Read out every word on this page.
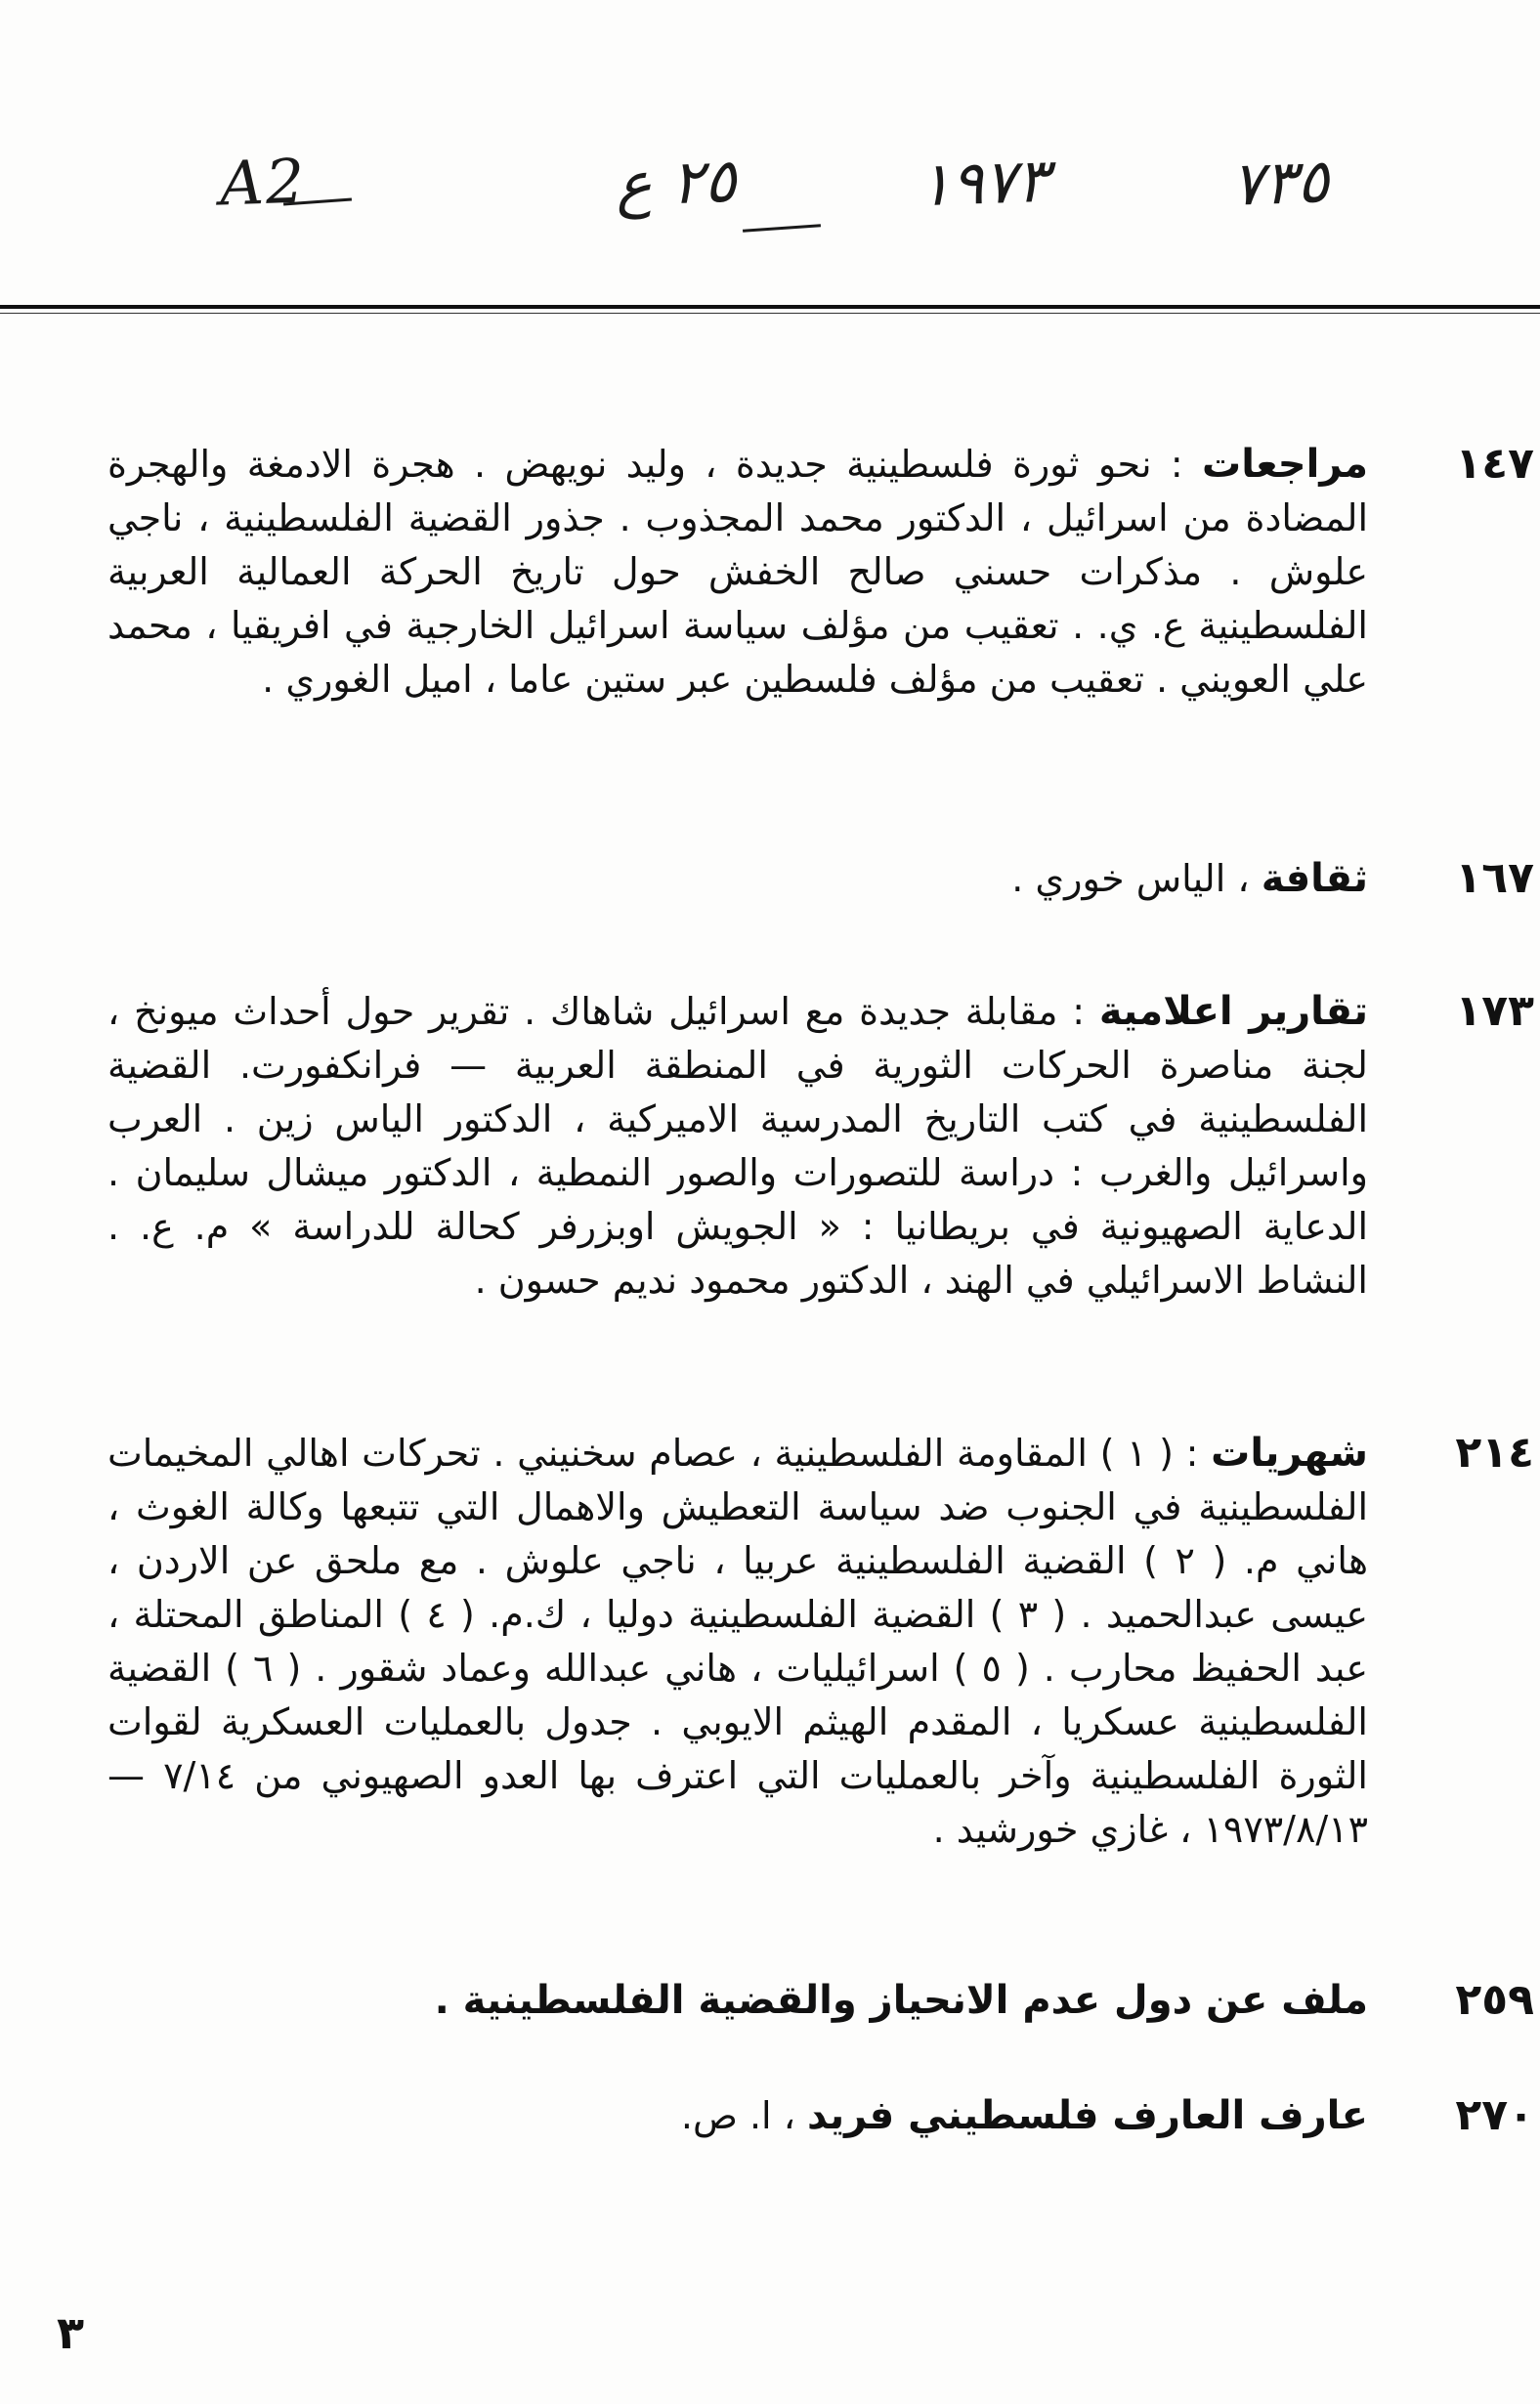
A2	٢٥ ع	١٩٧٣	٧٣٥
١٤٧
مراجعات : نحو ثورة فلسطينية جديدة ، وليد نويهض . هجرة الادمغة والهجرة المضادة من اسرائيل ، الدكتور محمد المجذوب . جذور القضية الفلسطينية ، ناجي علوش . مذكرات حسني صالح الخفش حول تاريخ الحركة العمالية العربية الفلسطينية ع. ي. . تعقيب من مؤلف سياسة اسرائيل الخارجية في افريقيا ، محمد علي العويني . تعقيب من مؤلف فلسطين عبر ستين عاما ، اميل الغوري .
١٦٧
ثقافة ، الياس خوري .
١٧٣
تقارير اعلامية : مقابلة جديدة مع اسرائيل شاهاك . تقرير حول أحداث ميونخ ، لجنة مناصرة الحركات الثورية في المنطقة العربية — فرانكفورت. القضية الفلسطينية في كتب التاريخ المدرسية الاميركية ، الدكتور الياس زين . العرب واسرائيل والغرب : دراسة للتصورات والصور النمطية ، الدكتور ميشال سليمان . الدعاية الصهيونية في بريطانيا : « الجويش اوبزرفر كحالة للدراسة » م. ع. . النشاط الاسرائيلي في الهند ، الدكتور محمود نديم حسون .
٢١٤
شهريات : ( ١ ) المقاومة الفلسطينية ، عصام سخنيني . تحركات اهالي المخيمات الفلسطينية في الجنوب ضد سياسة التعطيش والاهمال التي تتبعها وكالة الغوث ، هاني م. ( ٢ ) القضية الفلسطينية عربيا ، ناجي علوش . مع ملحق عن الاردن ، عيسى عبدالحميد . ( ٣ ) القضية الفلسطينية دوليا ، ك.م. ( ٤ ) المناطق المحتلة ، عبد الحفيظ محارب . ( ٥ ) اسرائيليات ، هاني عبدالله وعماد شقور . ( ٦ ) القضية الفلسطينية عسكريا ، المقدم الهيثم الايوبي . جدول بالعمليات العسكرية لقوات الثورة الفلسطينية وآخر بالعمليات التي اعترف بها العدو الصهيوني من ٧/١٤ — ١٩٧٣/٨/١٣ ، غازي خورشيد .
٢٥٩
ملف عن دول عدم الانحياز والقضية الفلسطينية .
٢٧٠
عارف العارف فلسطيني فريد ، ا. ص.
٣
